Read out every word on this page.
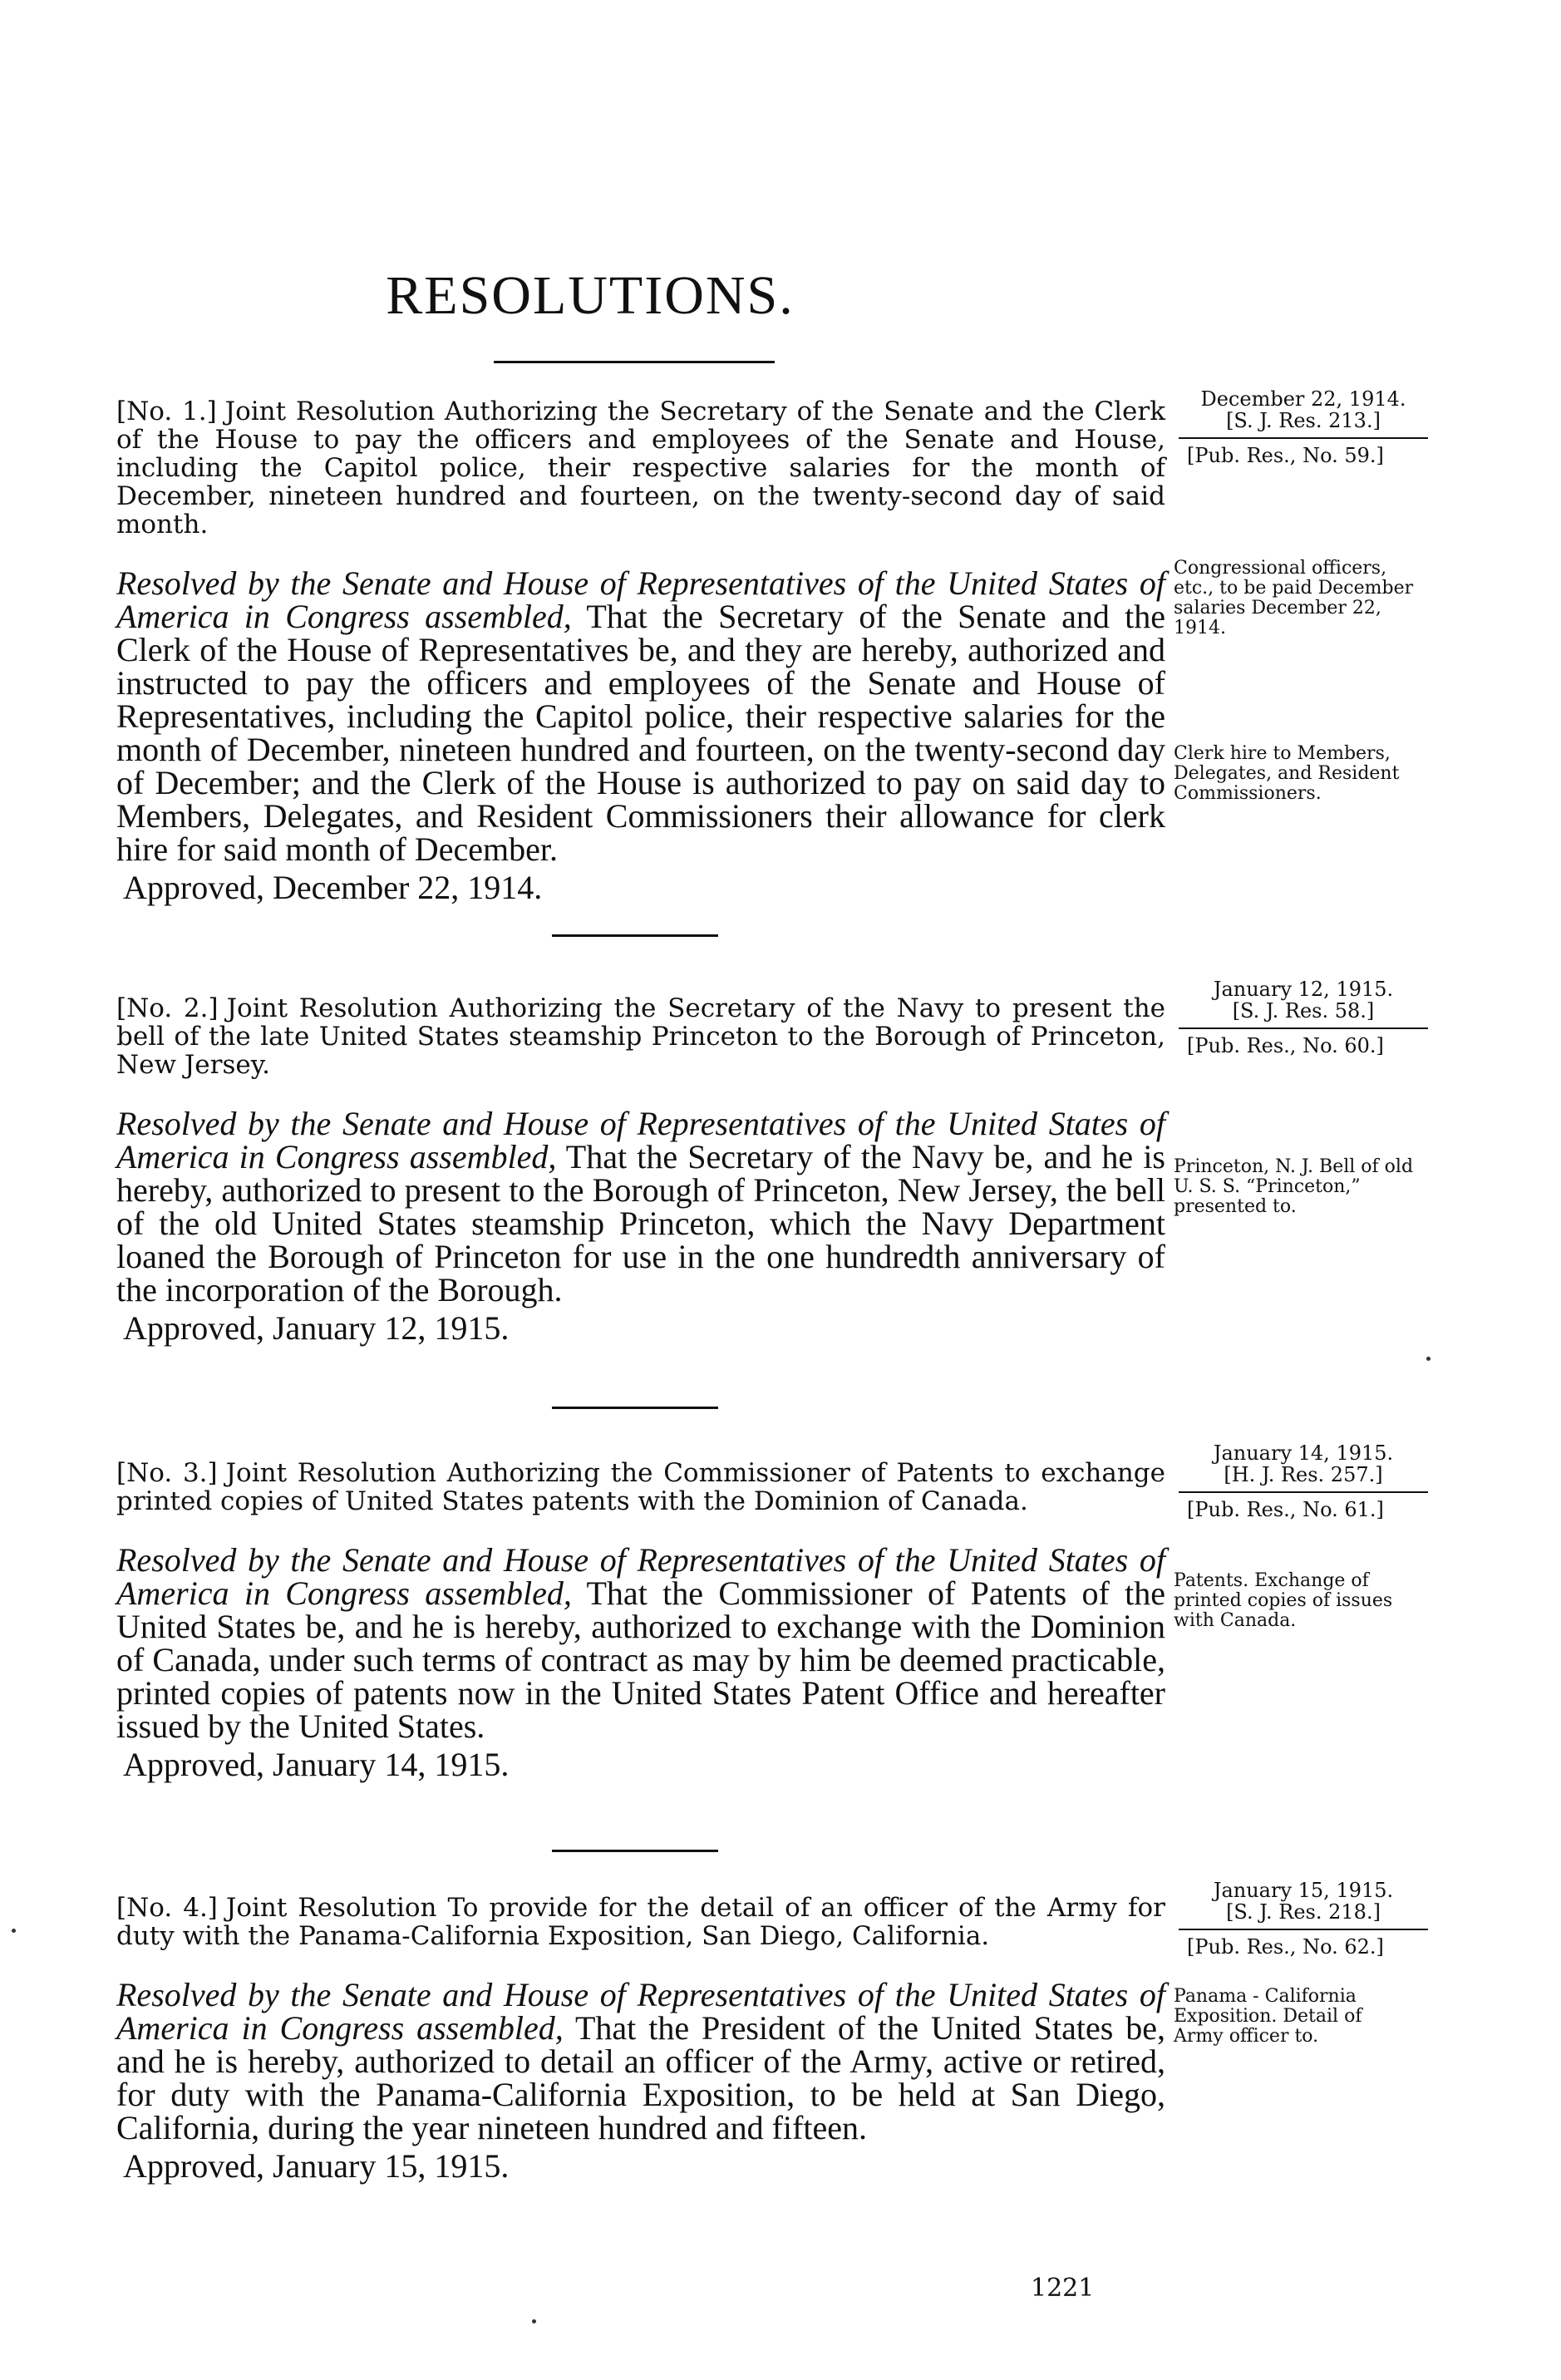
RESOLUTIONS.

[No. 1.] Joint Resolution Authorizing the Secretary of the Senate and the Clerk of the House to pay the officers and employees of the Senate and House, including the Capitol police, their respective salaries for the month of December, nineteen hundred and fourteen, on the twenty-second day of said month.

Resolved by the Senate and House of Representatives of the United States of America in Congress assembled, That the Secretary of the Senate and the Clerk of the House of Representatives be, and they are hereby, authorized and instructed to pay the officers and employees of the Senate and House of Representatives, including the Capitol police, their respective salaries for the month of December, nineteen hundred and fourteen, on the twenty-second day of December; and the Clerk of the House is authorized to pay on said day to Members, Delegates, and Resident Commissioners their allowance for clerk hire for said month of December.

Approved, December 22, 1914.

December 22, 1914.
[S. J. Res. 213.]
[Pub. Res., No. 59.]
Congressional officers, etc., to be paid December salaries December 22, 1914.
Clerk hire to Members, Delegates, and Resident Commissioners.

[No. 2.] Joint Resolution Authorizing the Secretary of the Navy to present the bell of the late United States steamship Princeton to the Borough of Princeton, New Jersey.

Resolved by the Senate and House of Representatives of the United States of America in Congress assembled, That the Secretary of the Navy be, and he is hereby, authorized to present to the Borough of Princeton, New Jersey, the bell of the old United States steamship Princeton, which the Navy Department loaned the Borough of Princeton for use in the one hundredth anniversary of the incorporation of the Borough.

Approved, January 12, 1915.

January 12, 1915.
[S. J. Res. 58.]
[Pub. Res., No. 60.]
Princeton, N. J. Bell of old U. S. S. “Princeton,” presented to.

[No. 3.] Joint Resolution Authorizing the Commissioner of Patents to exchange printed copies of United States patents with the Dominion of Canada.

Resolved by the Senate and House of Representatives of the United States of America in Congress assembled, That the Commissioner of Patents of the United States be, and he is hereby, authorized to exchange with the Dominion of Canada, under such terms of contract as may by him be deemed practicable, printed copies of patents now in the United States Patent Office and hereafter issued by the United States.

Approved, January 14, 1915.

January 14, 1915.
[H. J. Res. 257.]
[Pub. Res., No. 61.]
Patents. Exchange of printed copies of issues with Canada.

[No. 4.] Joint Resolution To provide for the detail of an officer of the Army for duty with the Panama-California Exposition, San Diego, California.

Resolved by the Senate and House of Representatives of the United States of America in Congress assembled, That the President of the United States be, and he is hereby, authorized to detail an officer of the Army, active or retired, for duty with the Panama-California Exposition, to be held at San Diego, California, during the year nineteen hundred and fifteen.

Approved, January 15, 1915.

January 15, 1915.
[S. J. Res. 218.]
[Pub. Res., No. 62.]
Panama - California Exposition. Detail of Army officer to.
1221
